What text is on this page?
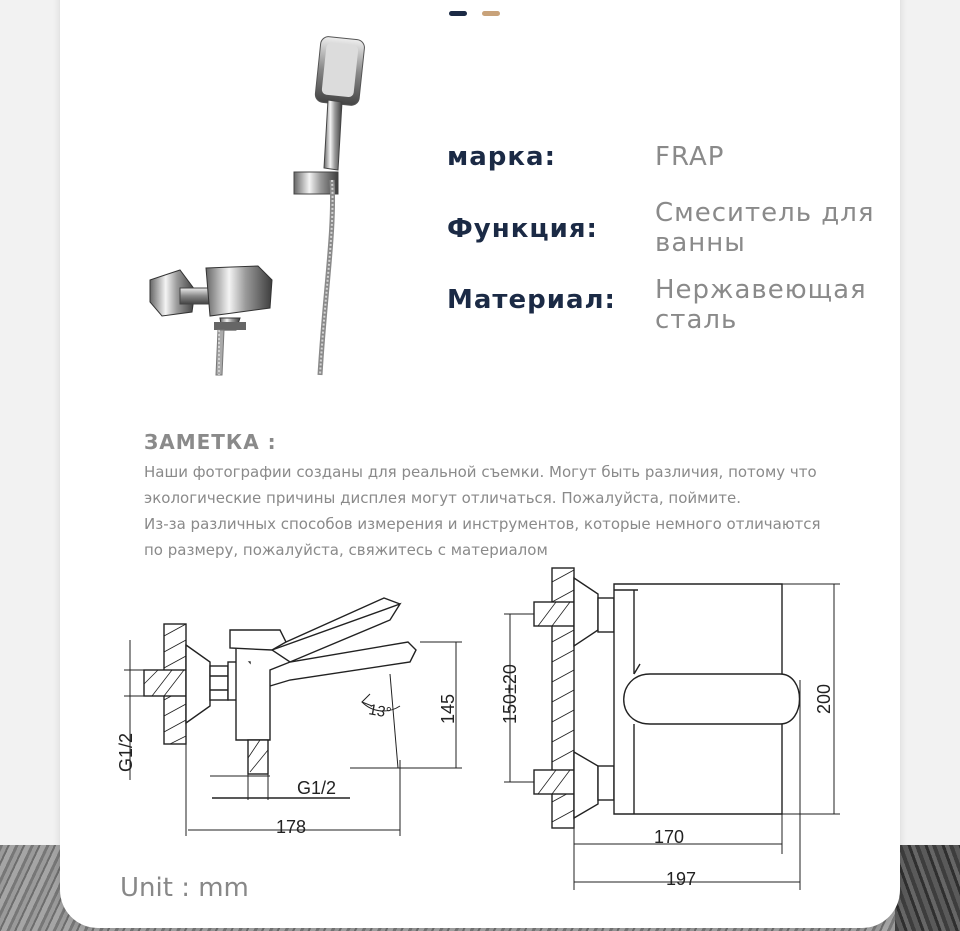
марка:	FRAP
Функция:
Смеситель для
ванны
Материал: Нержавеющая
сталь
ЗАМЕТКА :
Наши фотографии созданы для реальной съемки. Могут быть различия, потому что
экологические причины дисплея могут отличаться. Пожалуйста, поймите.
Из-за различных способов измерения и инструментов, которые немного отличаются
по размеру, пожалуйста, свяжитесь с материалом
G1/2
178
13°
G1/2
145
170
197
150±20	200
Unit : mm
